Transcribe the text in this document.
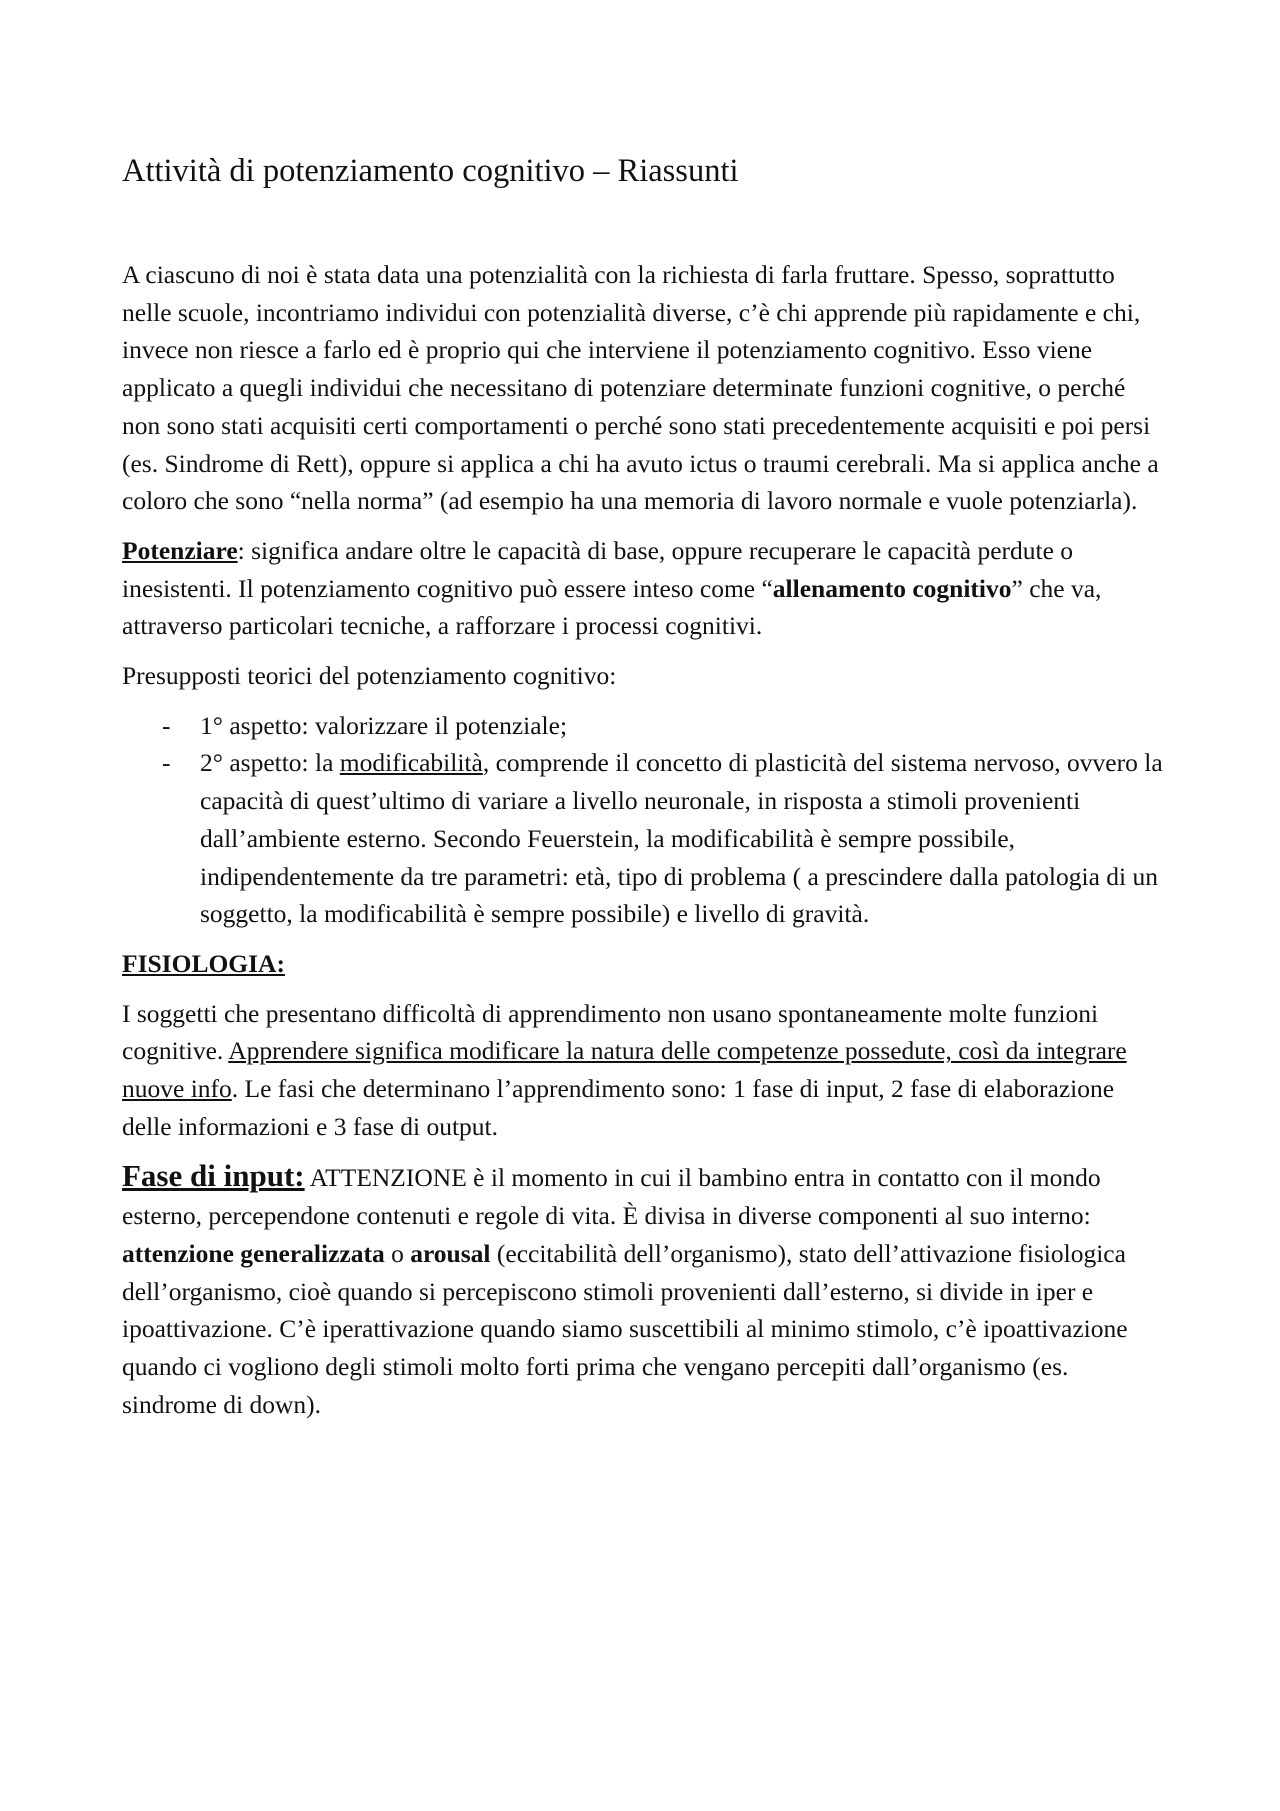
Attività di potenziamento cognitivo – Riassunti

A ciascuno di noi è stata data una potenzialità con la richiesta di farla fruttare. Spesso, soprattutto nelle scuole, incontriamo individui con potenzialità diverse, c’è chi apprende più rapidamente e chi, invece non riesce a farlo ed è proprio qui che interviene il potenziamento cognitivo. Esso viene applicato a quegli individui che necessitano di potenziare determinate funzioni cognitive, o perché non sono stati acquisiti certi comportamenti o perché sono stati precedentemente acquisiti e poi persi (es. Sindrome di Rett), oppure si applica a chi ha avuto ictus o traumi cerebrali. Ma si applica anche a coloro che sono “nella norma” (ad esempio ha una memoria di lavoro normale e vuole potenziarla).

Potenziare: significa andare oltre le capacità di base, oppure recuperare le capacità perdute o inesistenti. Il potenziamento cognitivo può essere inteso come “allenamento cognitivo” che va, attraverso particolari tecniche, a rafforzare i processi cognitivi.

Presupposti teorici del potenziamento cognitivo:

- 1° aspetto: valorizzare il potenziale;
- 2° aspetto: la modificabilità, comprende il concetto di plasticità del sistema nervoso, ovvero la capacità di quest’ultimo di variare a livello neuronale, in risposta a stimoli provenienti dall’ambiente esterno. Secondo Feuerstein, la modificabilità è sempre possibile, indipendentemente da tre parametri: età, tipo di problema ( a prescindere dalla patologia di un soggetto, la modificabilità è sempre possibile) e livello di gravità.
FISIOLOGIA:

I soggetti che presentano difficoltà di apprendimento non usano spontaneamente molte funzioni cognitive. Apprendere significa modificare la natura delle competenze possedute, così da integrare nuove info. Le fasi che determinano l’apprendimento sono: 1 fase di input, 2 fase di elaborazione delle informazioni e 3 fase di output.

Fase di input: ATTENZIONE è il momento in cui il bambino entra in contatto con il mondo esterno, percependone contenuti e regole di vita. È divisa in diverse componenti al suo interno: attenzione generalizzata o arousal (eccitabilità dell’organismo), stato dell’attivazione fisiologica dell’organismo, cioè quando si percepiscono stimoli provenienti dall’esterno, si divide in iper e ipoattivazione. C’è iperattivazione quando siamo suscettibili al minimo stimolo, c’è ipoattivazione quando ci vogliono degli stimoli molto forti prima che vengano percepiti dall’organismo (es. sindrome di down).
